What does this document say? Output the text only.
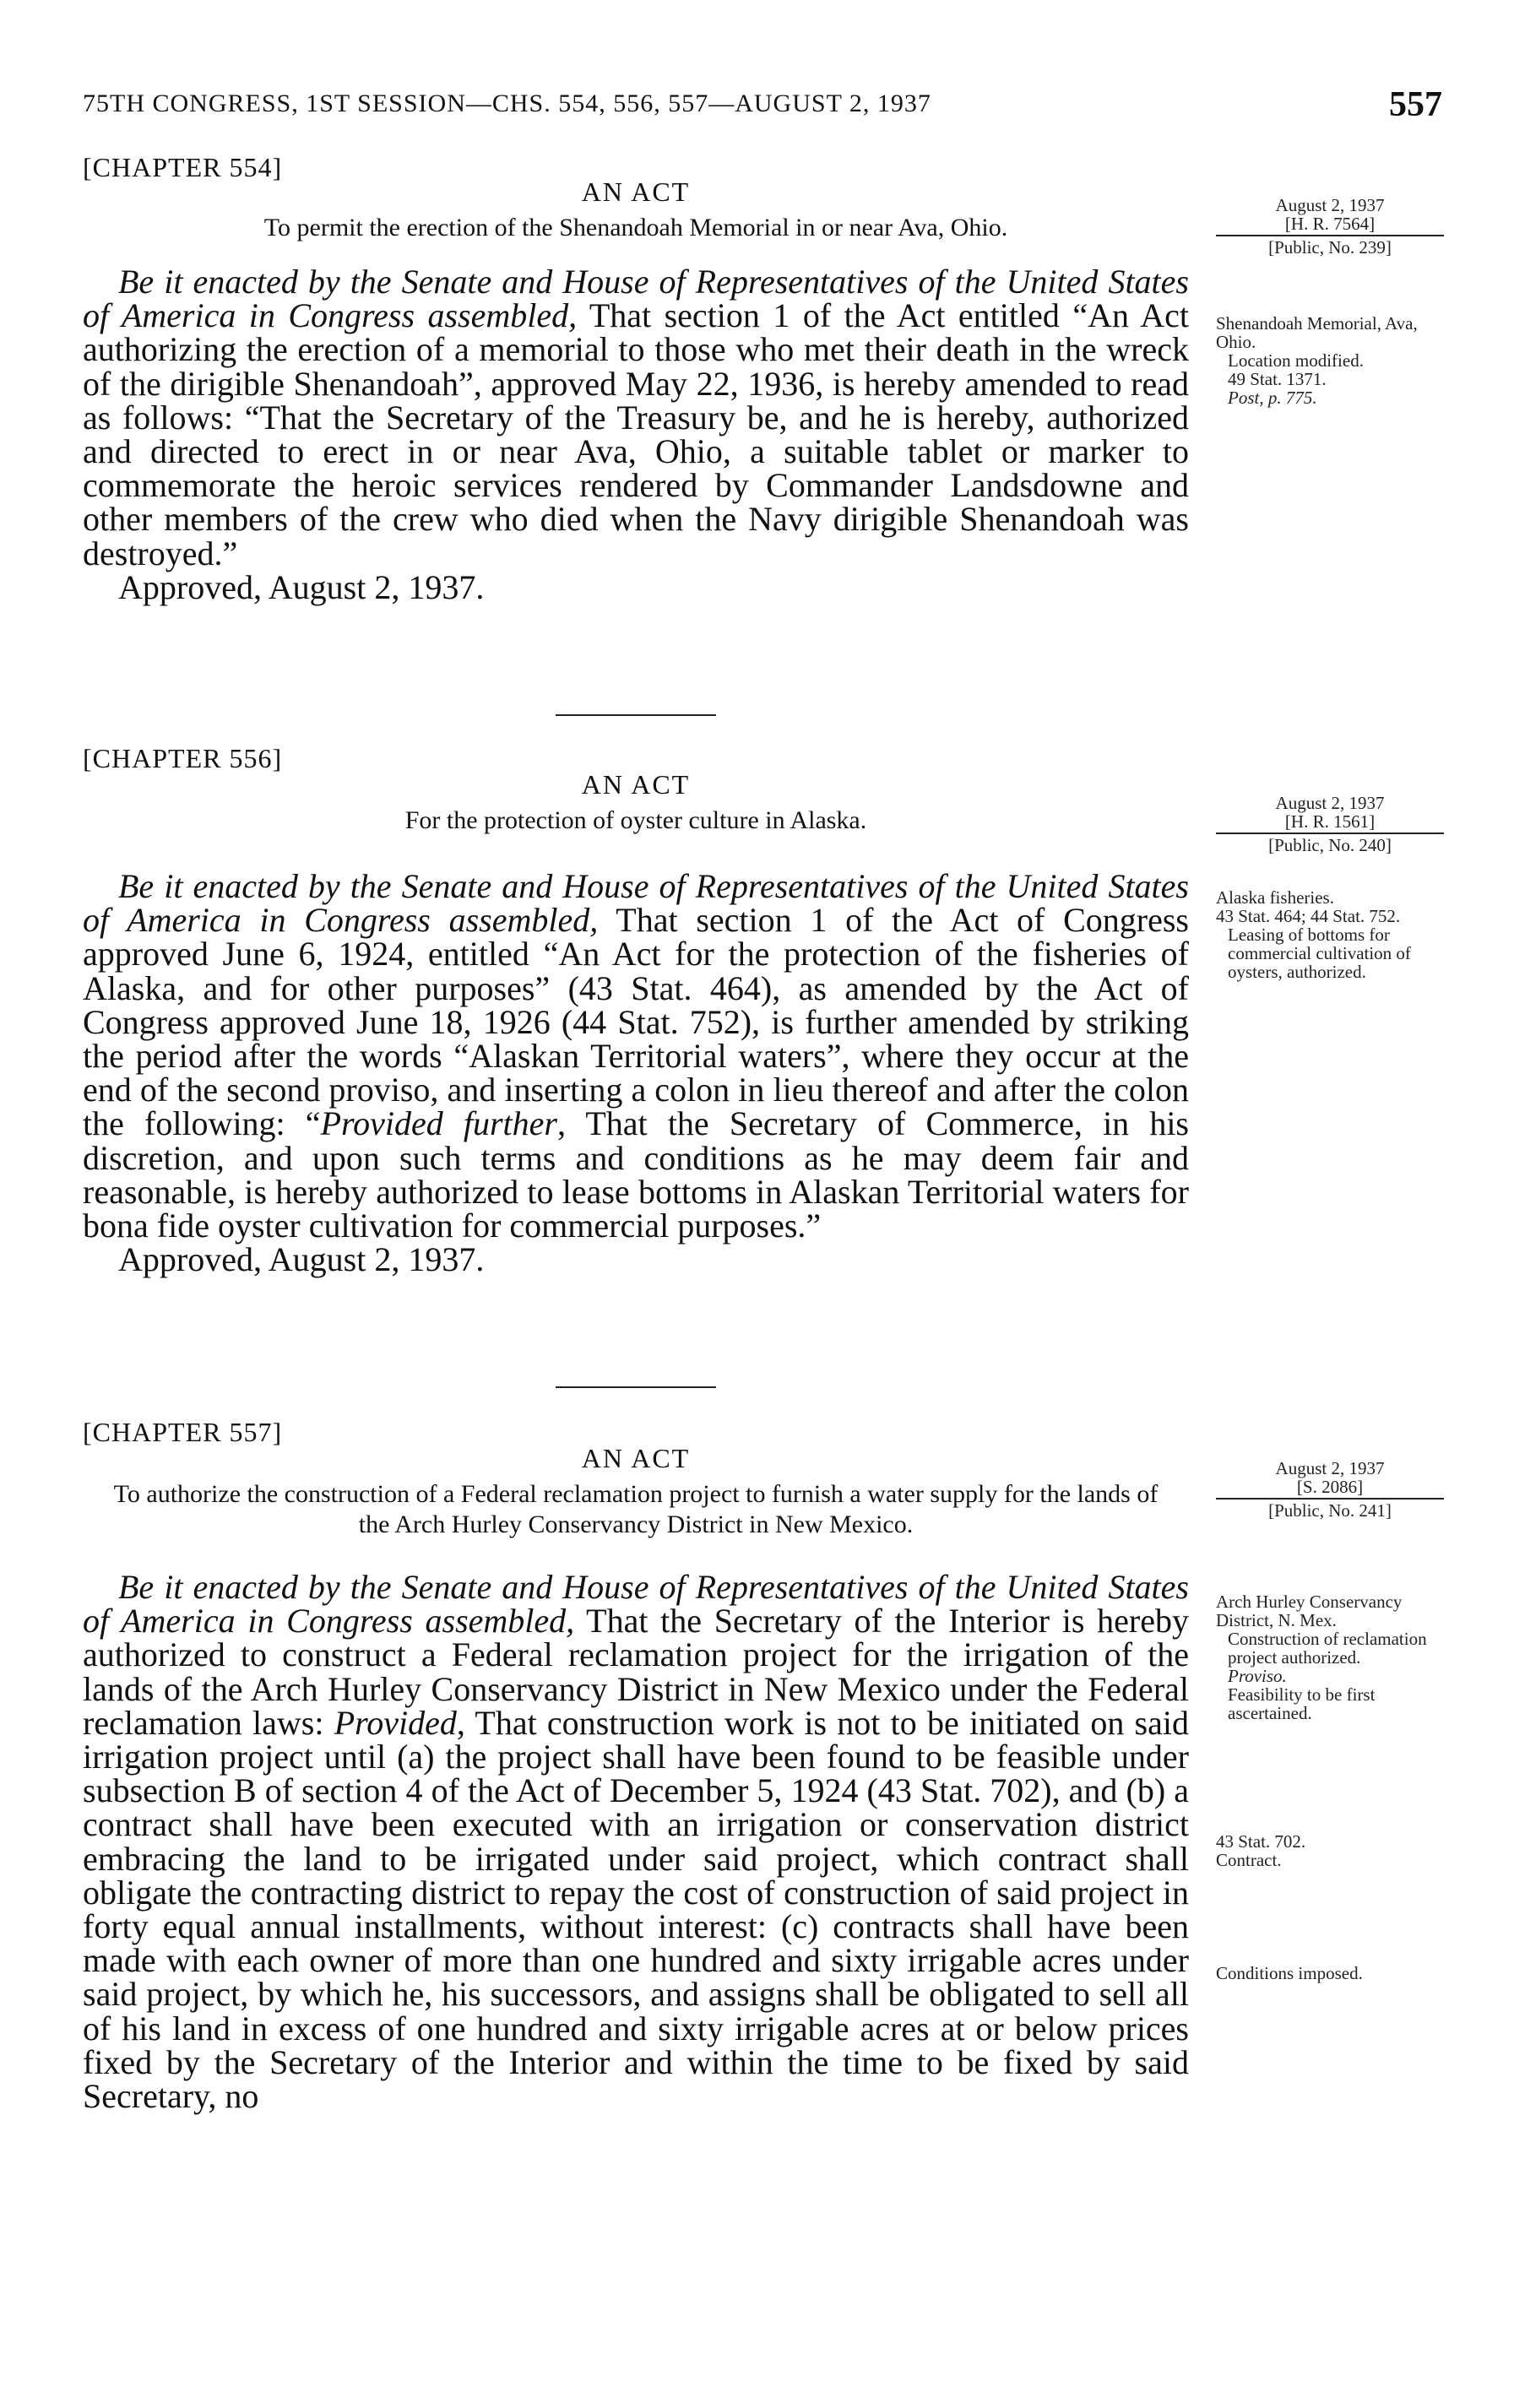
75TH CONGRESS, 1ST SESSION—CHS. 554, 556, 557—AUGUST 2, 1937	557

[CHAPTER 554]

AN ACT

To permit the erection of the Shenandoah Memorial in or near Ava, Ohio.

Be it enacted by the Senate and House of Representatives of the United States of America in Congress assembled, That section 1 of the Act entitled “An Act authorizing the erection of a memorial to those who met their death in the wreck of the dirigible Shenandoah”, approved May 22, 1936, is hereby amended to read as follows: “That the Secretary of the Treasury be, and he is hereby, authorized and directed to erect in or near Ava, Ohio, a suitable tablet or marker to commemorate the heroic services rendered by Commander Landsdowne and other members of the crew who died when the Navy dirigible Shenandoah was destroyed.”

Approved, August 2, 1937.

August 2, 1937
[H. R. 7564]
[Public, No. 239]

Shenandoah Memorial, Ava, Ohio.

Location modified.

49 Stat. 1371.

Post, p. 775.

[CHAPTER 556]

AN ACT

For the protection of oyster culture in Alaska.

Be it enacted by the Senate and House of Representatives of the United States of America in Congress assembled, That section 1 of the Act of Congress approved June 6, 1924, entitled “An Act for the protection of the fisheries of Alaska, and for other purposes” (43 Stat. 464), as amended by the Act of Congress approved June 18, 1926 (44 Stat. 752), is further amended by striking the period after the words “Alaskan Territorial waters”, where they occur at the end of the second proviso, and inserting a colon in lieu thereof and after the colon the following: “Provided further, That the Secretary of Commerce, in his discretion, and upon such terms and conditions as he may deem fair and reasonable, is hereby authorized to lease bottoms in Alaskan Territorial waters for bona fide oyster cultivation for commercial purposes.”

Approved, August 2, 1937.

August 2, 1937
[H. R. 1561]
[Public, No. 240]

Alaska fisheries.

43 Stat. 464; 44 Stat. 752.

Leasing of bottoms for commercial cultivation of oysters, authorized.

[CHAPTER 557]

AN ACT

To authorize the construction of a Federal reclamation project to furnish a water supply for the lands of the Arch Hurley Conservancy District in New Mexico.

Be it enacted by the Senate and House of Representatives of the United States of America in Congress assembled, That the Secretary of the Interior is hereby authorized to construct a Federal reclamation project for the irrigation of the lands of the Arch Hurley Conservancy District in New Mexico under the Federal reclamation laws: Provided, That construction work is not to be initiated on said irrigation project until (a) the project shall have been found to be feasible under subsection B of section 4 of the Act of December 5, 1924 (43 Stat. 702), and (b) a contract shall have been executed with an irrigation or conservation district embracing the land to be irrigated under said project, which contract shall obligate the contracting district to repay the cost of construction of said project in forty equal annual installments, without interest: (c) contracts shall have been made with each owner of more than one hundred and sixty irrigable acres under said project, by which he, his successors, and assigns shall be obligated to sell all of his land in excess of one hundred and sixty irrigable acres at or below prices fixed by the Secretary of the Interior and within the time to be fixed by said Secretary, no

August 2, 1937
[S. 2086]
[Public, No. 241]

Arch Hurley Conservancy District, N. Mex.

Construction of reclamation project authorized.

Proviso.

Feasibility to be first ascertained.

43 Stat. 702.

Contract.

Conditions imposed.
